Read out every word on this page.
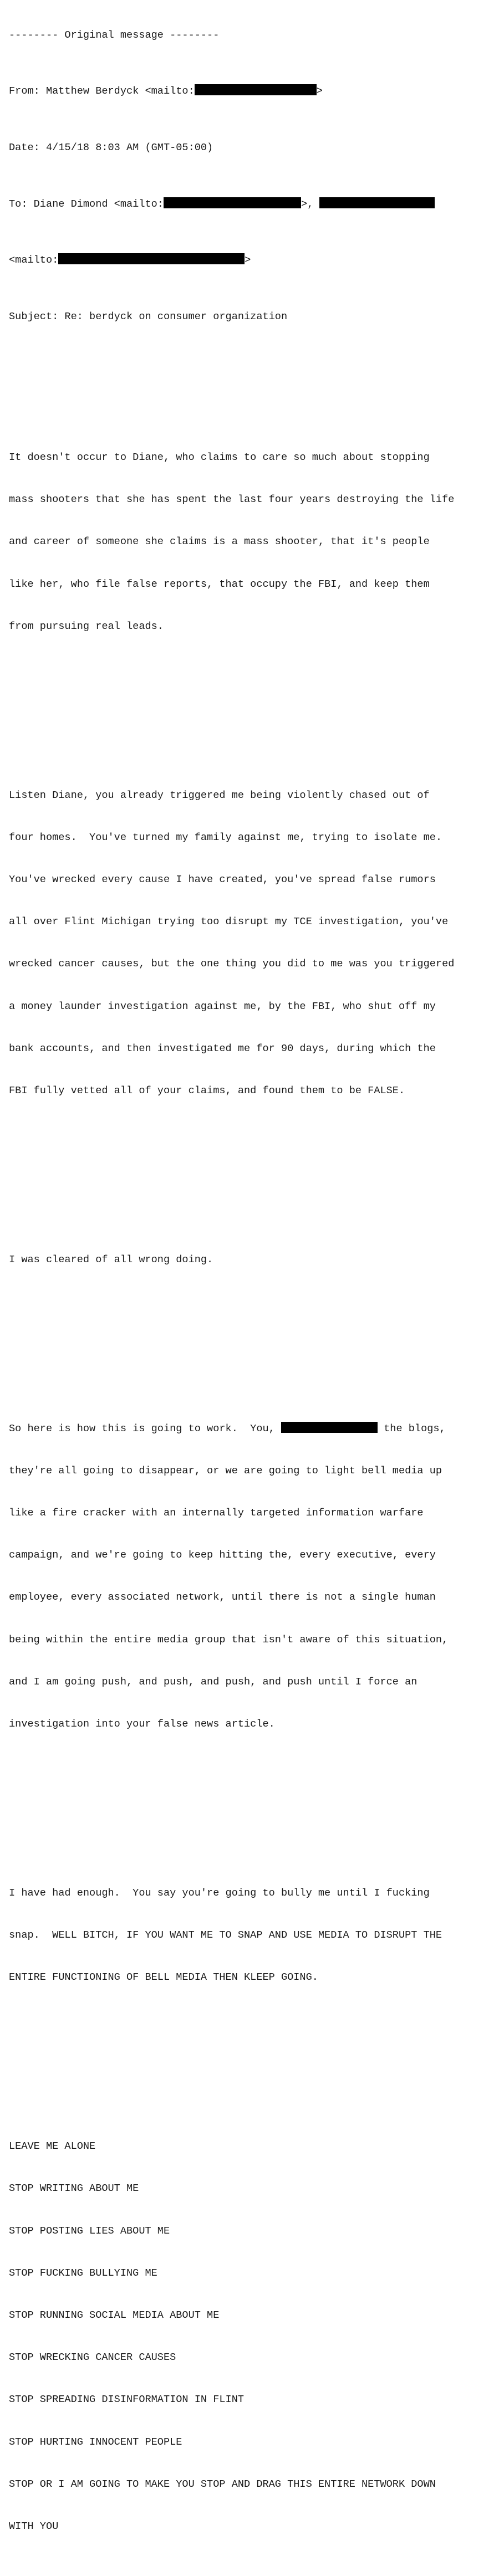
-------- Original message --------

From: Matthew Berdyck <mailto:	>

Date: 4/15/18 8:03 AM (GMT-05:00)

To: Diane Dimond <mailto:	>,

<mailto:	>

Subject: Re: berdyck on consumer organization

It doesn't occur to Diane, who claims to care so much about stopping

mass shooters that she has spent the last four years destroying the life

and career of someone she claims is a mass shooter, that it's people

like her, who file false reports, that occupy the FBI, and keep them

from pursuing real leads.

Listen Diane, you already triggered me being violently chased out of

four homes.  You've turned my family against me, trying to isolate me.

You've wrecked every cause I have created, you've spread false rumors

all over Flint Michigan trying too disrupt my TCE investigation, you've

wrecked cancer causes, but the one thing you did to me was you triggered

a money launder investigation against me, by the FBI, who shut off my

bank accounts, and then investigated me for 90 days, during which the

FBI fully vetted all of your claims, and found them to be FALSE.

I was cleared of all wrong doing.

So here is how this is going to work.  You,	the blogs,

they're all going to disappear, or we are going to light bell media up

like a fire cracker with an internally targeted information warfare

campaign, and we're going to keep hitting the, every executive, every

employee, every associated network, until there is not a single human

being within the entire media group that isn't aware of this situation,

and I am going push, and push, and push, and push until I force an

investigation into your false news article.

I have had enough.  You say you're going to bully me until I fucking

snap.  WELL BITCH, IF YOU WANT ME TO SNAP AND USE MEDIA TO DISRUPT THE

ENTIRE FUNCTIONING OF BELL MEDIA THEN KLEEP GOING.

LEAVE ME ALONE

STOP WRITING ABOUT ME

STOP POSTING LIES ABOUT ME

STOP FUCKING BULLYING ME

STOP RUNNING SOCIAL MEDIA ABOUT ME

STOP WRECKING CANCER CAUSES

STOP SPREADING DISINFORMATION IN FLINT

STOP HURTING INNOCENT PEOPLE

STOP OR I AM GOING TO MAKE YOU STOP AND DRAG THIS ENTIRE NETWORK DOWN

WITH YOU
